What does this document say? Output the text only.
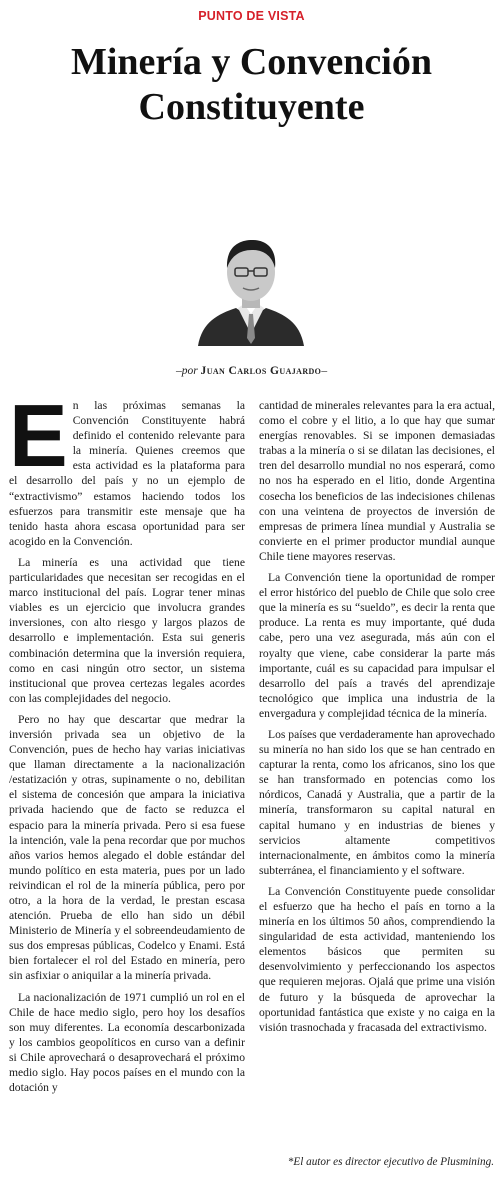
PUNTO DE VISTA
Minería y Convención
Constituyente
–por Juan Carlos Guajardo–

En las próximas semanas la Convención Constituyente habrá definido el contenido relevante para la minería. Quienes creemos que esta actividad es la plataforma para el desarrollo del país y no un ejemplo de “extractivismo” estamos haciendo todos los esfuerzos para transmitir este mensaje que ha tenido hasta ahora escasa oportunidad para ser acogido en la Convención.

La minería es una actividad que tiene particularidades que necesitan ser recogidas en el marco institucional del país. Lograr tener minas viables es un ejercicio que involucra grandes inversiones, con alto riesgo y largos plazos de desarrollo e implementación. Esta sui generis combinación determina que la inversión requiera, como en casi ningún otro sector, un sistema institucional que provea certezas legales acordes con las complejidades del negocio.

Pero no hay que descartar que medrar la inversión privada sea un objetivo de la Convención, pues de hecho hay varias iniciativas que llaman directamente a la nacionalización /estatización y otras, supinamente o no, debilitan el sistema de concesión que ampara la iniciativa privada haciendo que de facto se reduzca el espacio para la minería privada. Pero si esa fuese la intención, vale la pena recordar que por muchos años varios hemos alegado el doble estándar del mundo político en esta materia, pues por un lado reivindican el rol de la minería pública, pero por otro, a la hora de la verdad, le prestan escasa atención. Prueba de ello han sido un débil Ministerio de Minería y el sobreendeudamiento de sus dos empresas públicas, Codelco y Enami. Está bien fortalecer el rol del Estado en minería, pero sin asfixiar o aniquilar a la minería privada.

La nacionalización de 1971 cumplió un rol en el Chile de hace medio siglo, pero hoy los desafíos son muy diferentes. La economía descarbonizada y los cambios geopolíticos en curso van a definir si Chile aprovechará o desaprovechará el próximo medio siglo. Hay pocos países en el mundo con la dotación y

cantidad de minerales relevantes para la era actual, como el cobre y el litio, a lo que hay que sumar energías renovables. Si se imponen demasiadas trabas a la minería o si se dilatan las decisiones, el tren del desarrollo mundial no nos esperará, como no nos ha esperado en el litio, donde Argentina cosecha los beneficios de las indecisiones chilenas con una veintena de proyectos de inversión de empresas de primera línea mundial y Australia se convierte en el primer productor mundial aunque Chile tiene mayores reservas.

La Convención tiene la oportunidad de romper el error histórico del pueblo de Chile que solo cree que la minería es su “sueldo”, es decir la renta que produce. La renta es muy importante, qué duda cabe, pero una vez asegurada, más aún con el royalty que viene, cabe considerar la parte más importante, cuál es su capacidad para impulsar el desarrollo del país a través del aprendizaje tecnológico que implica una industria de la envergadura y complejidad técnica de la minería.

Los países que verdaderamente han aprovechado su minería no han sido los que se han centrado en capturar la renta, como los africanos, sino los que se han transformado en potencias como los nórdicos, Canadá y Australia, que a partir de la minería, transformaron su capital natural en capital humano y en industrias de bienes y servicios altamente competitivos internacionalmente, en ámbitos como la minería subterránea, el financiamiento y el software.

La Convención Constituyente puede consolidar el esfuerzo que ha hecho el país en torno a la minería en los últimos 50 años, comprendiendo la singularidad de esta actividad, manteniendo los elementos básicos que permiten su desenvolvimiento y perfeccionando los aspectos que requieren mejoras. Ojalá que prime una visión de futuro y la búsqueda de aprovechar la oportunidad fantástica que existe y no caiga en la visión trasnochada y fracasada del extractivismo.

*El autor es director ejecutivo de Plusmining.
